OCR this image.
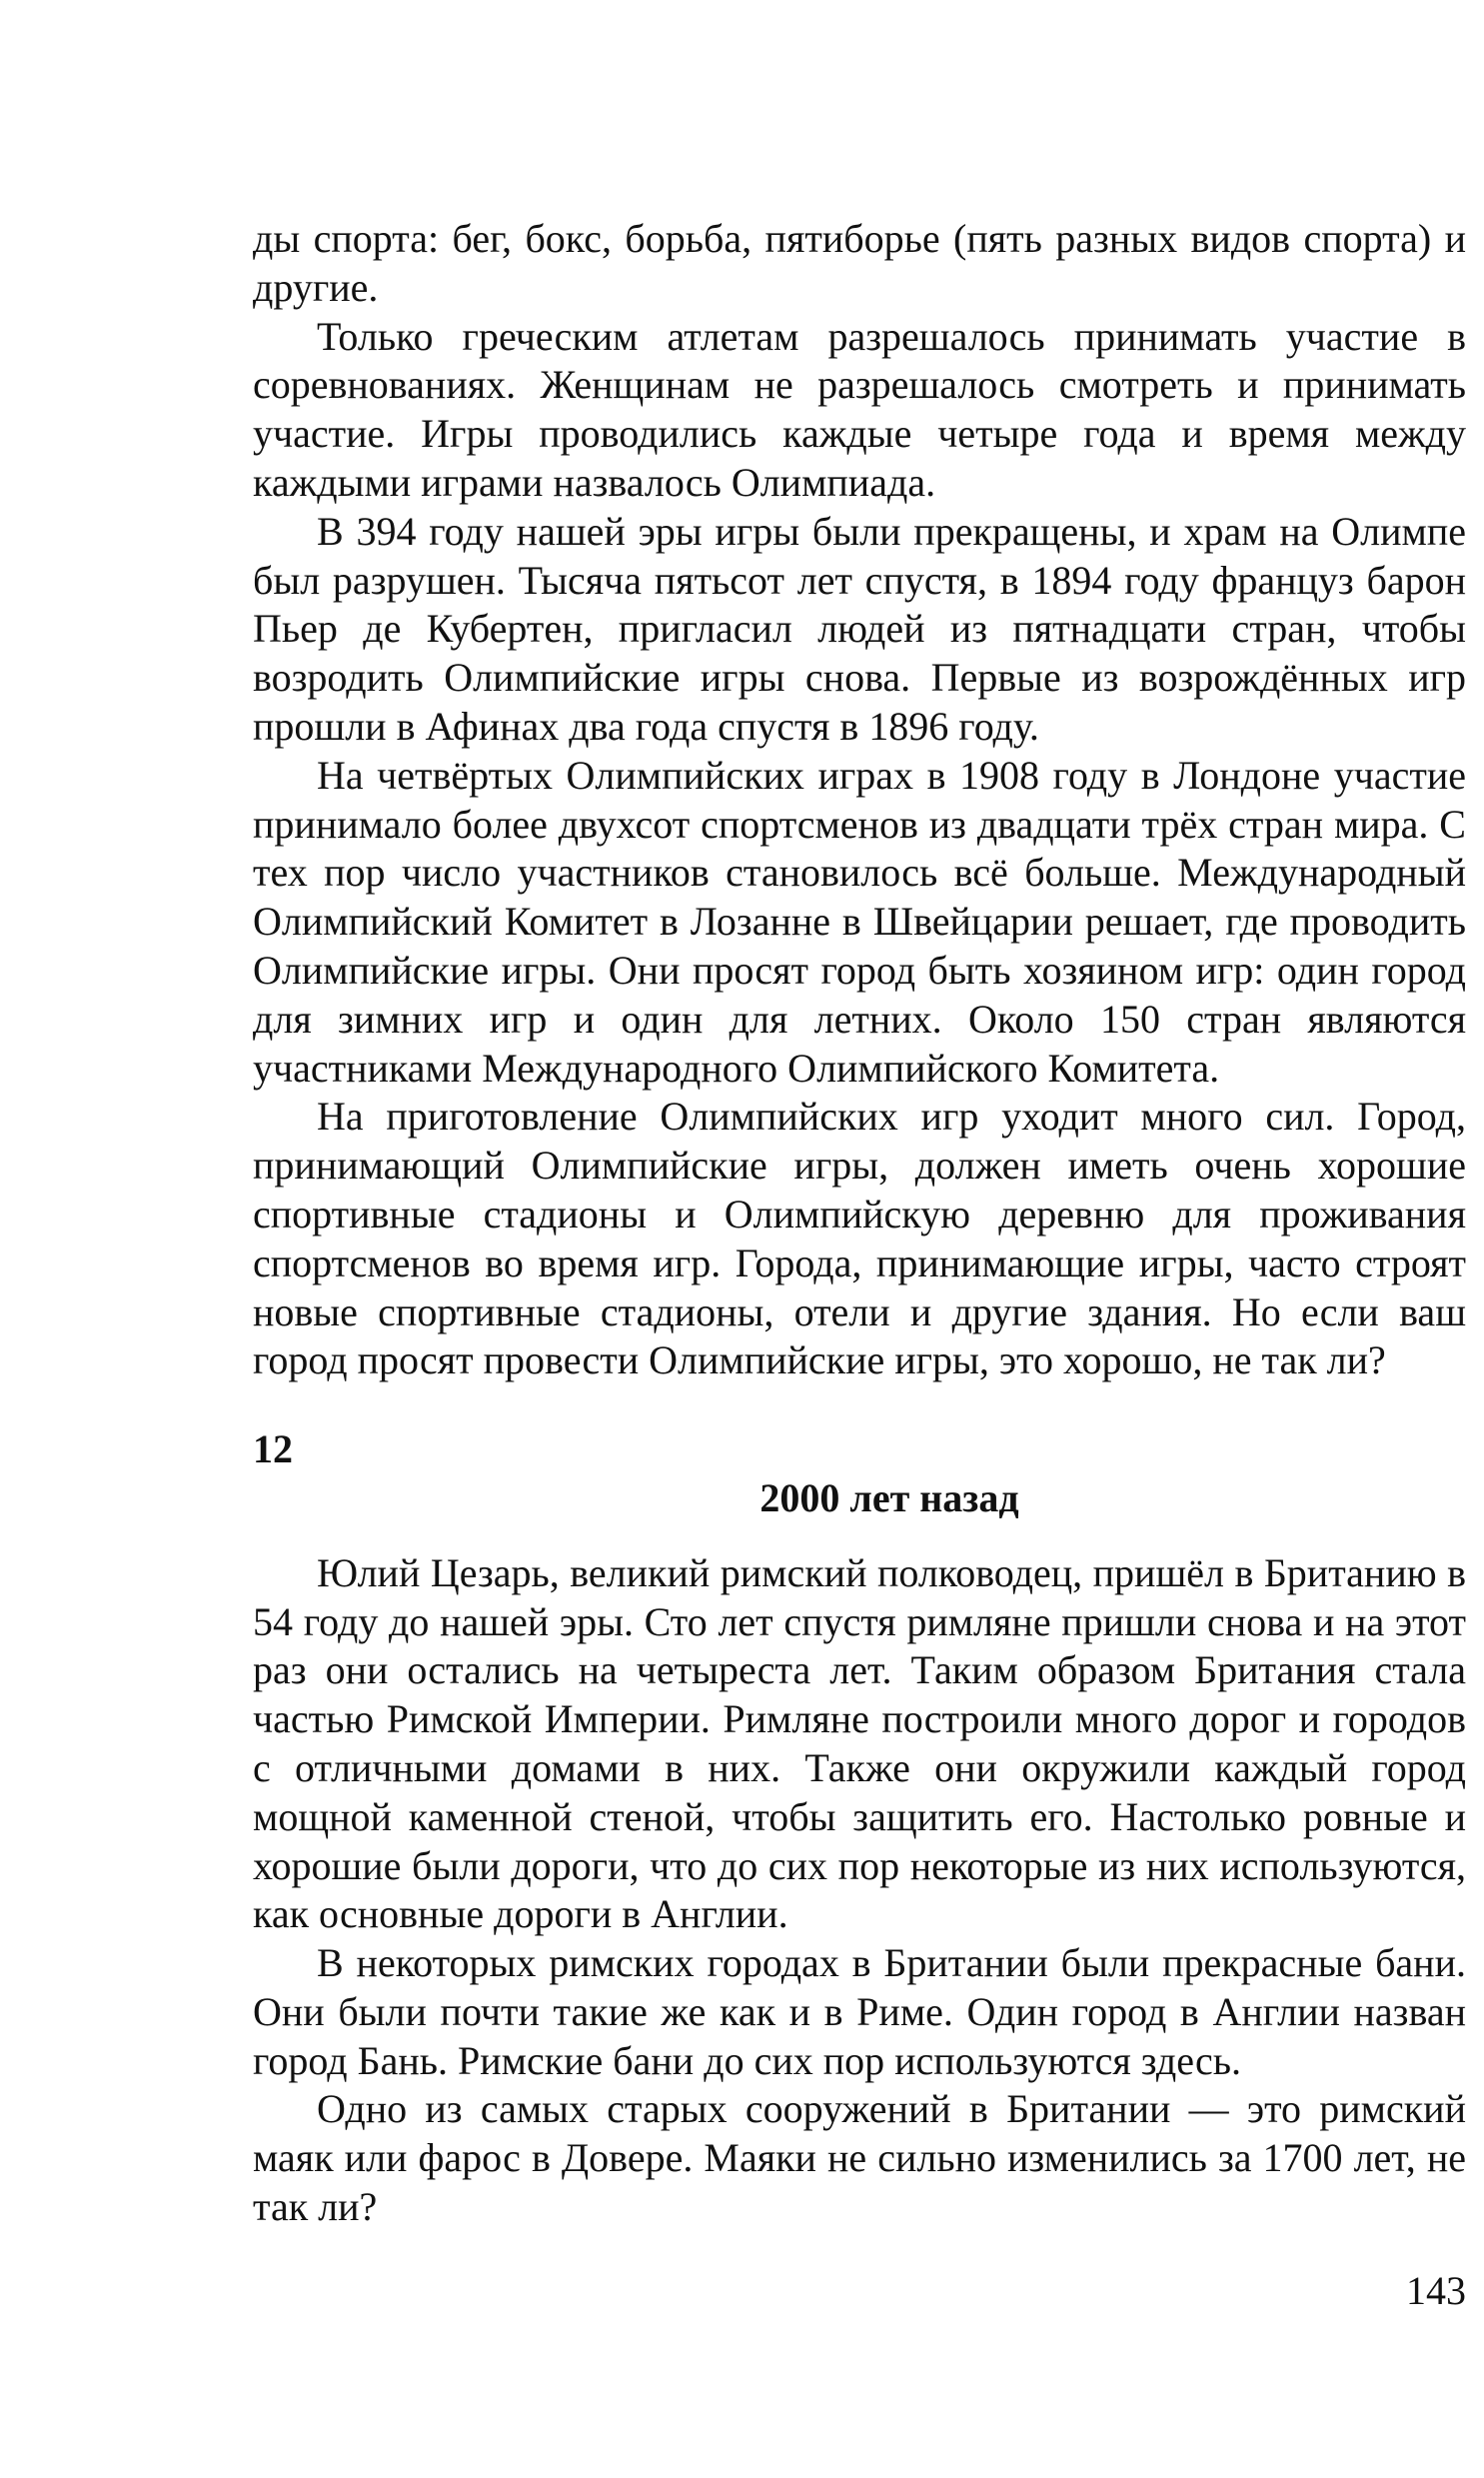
ды спорта: бег, бокс, борьба, пятиборье (пять разных видов спорта) и другие.

Только греческим атлетам разрешалось принимать участие в соревнованиях. Женщинам не разрешалось смотреть и принимать участие. Игры проводились каждые четыре года и время между каждыми играми назвалось Олимпиада.

В 394 году нашей эры игры были прекращены, и храм на Олимпе был разрушен. Тысяча пятьсот лет спустя, в 1894 году француз барон Пьер де Кубертен, пригласил людей из пятнадцати стран, чтобы возродить Олимпийские игры снова. Первые из возрождённых игр прошли в Афинах два года спустя в 1896 году.

На четвёртых Олимпийских играх в 1908 году в Лондоне участие принимало более двухсот спортсменов из двадцати трёх стран мира. С тех пор число участников становилось всё больше. Международный Олимпийский Комитет в Лозанне в Швейцарии решает, где проводить Олимпийские игры. Они просят город быть хозяином игр: один город для зимних игр и один для летних. Около 150 стран являются участниками Международного Олимпийского Комитета.

На приготовление Олимпийских игр уходит много сил. Город, принимающий Олимпийские игры, должен иметь очень хорошие спортивные стадионы и Олимпийскую деревню для проживания спортсменов во время игр. Города, принимающие игры, часто строят новые спортивные стадионы, отели и другие здания. Но если ваш город просят провести Олимпийские игры, это хорошо, не так ли?

12
2000 лет назад

Юлий Цезарь, великий римский полководец, пришёл в Британию в 54 году до нашей эры. Сто лет спустя римляне пришли снова и на этот раз они остались на четыреста лет. Таким образом Британия стала частью Римской Империи. Римляне построили много дорог и городов с отличными домами в них. Также они окружили каждый город мощной каменной стеной, чтобы защитить его. Настолько ровные и хорошие были дороги, что до сих пор некоторые из них используются, как основные дороги в Англии.

В некоторых римских городах в Британии были прекрасные бани. Они были почти такие же как и в Риме. Один город в Англии назван город Бань. Римские бани до сих пор используются здесь.

Одно из самых старых сооружений в Британии — это римский маяк или фарос в Довере. Маяки не сильно изменились за 1700 лет, не так ли?

143
